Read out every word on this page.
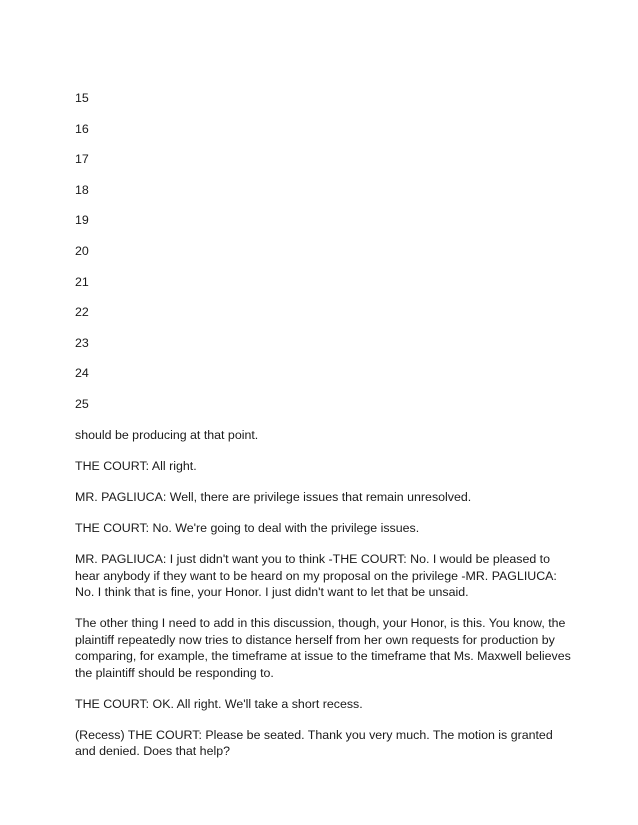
15
16
17
18
19
20
21
22
23
24
25

should be producing at that point.

THE COURT: All right.

MR. PAGLIUCA: Well, there are privilege issues that remain unresolved.

THE COURT: No. We're going to deal with the privilege issues.

MR. PAGLIUCA: I just didn't want you to think -THE COURT: No. I would be pleased to hear anybody if they want to be heard on my proposal on the privilege -MR. PAGLIUCA: No. I think that is fine, your Honor. I just didn't want to let that be unsaid.

The other thing I need to add in this discussion, though, your Honor, is this. You know, the plaintiff repeatedly now tries to distance herself from her own requests for production by comparing, for example, the timeframe at issue to the timeframe that Ms. Maxwell believes the plaintiff should be responding to.

THE COURT: OK. All right. We'll take a short recess.

(Recess) THE COURT: Please be seated. Thank you very much. The motion is granted and denied. Does that help?
